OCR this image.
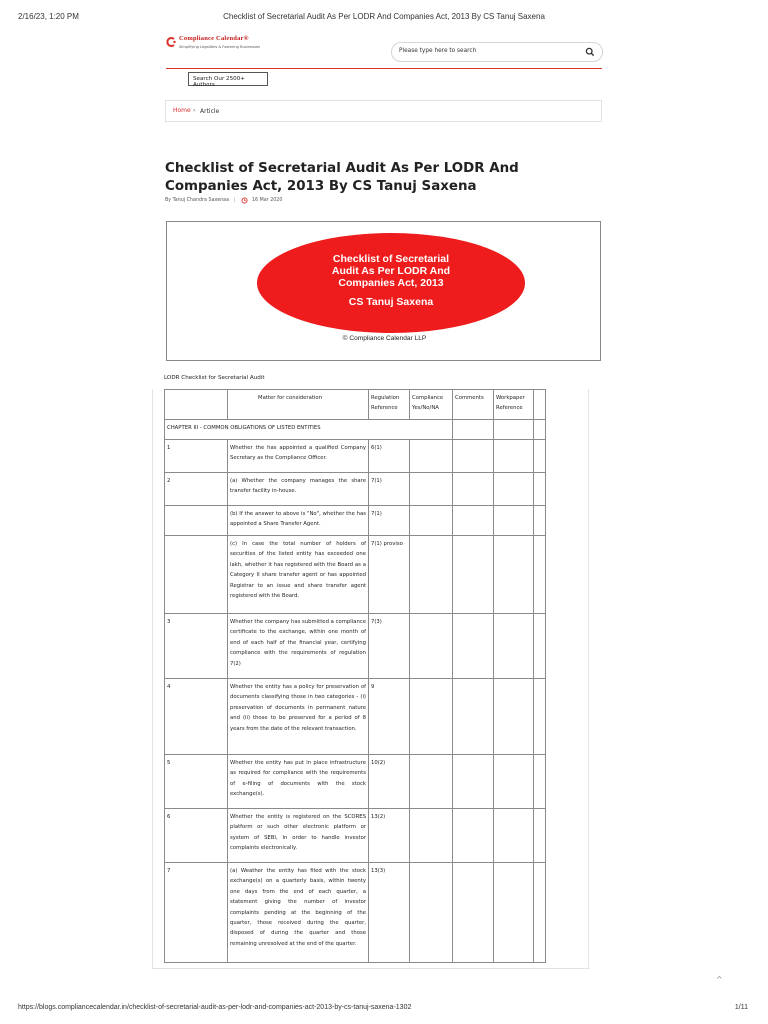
2/16/23, 1:20 PM	Checklist of Secretarial Audit As Per LODR And Companies Act, 2013 By CS Tanuj Saxena
Compliance Calendar®
Simplifying Legalities & Fostering Businesses
Please type here to search
Search Our 2500+ Authors
Home › Article
Checklist of Secretarial Audit As Per LODR And Companies Act, 2013 By CS Tanuj Saxena
By Tanuj Chandra Saxenaa |	16 Mar 2020
Checklist of Secretarial
Audit As Per LODR And
Companies Act, 2013
CS Tanuj Saxena
© Compliance Calendar LLP
LODR Checklist for Secretarial Audit
	Matter for consideration	Regulation Reference	Compliance Yes/No/NA	Comments	Workpaper Reference	
CHAPTER III - COMMON OBLIGATIONS OF LISTED ENTITIES						
1	Whether the has appointed a qualified Company Secretary as the Compliance Officer.	6(1)				
2	(a) Whether the company manages the share transfer facility in-house.	7(1)				
	(b) If the answer to above is "No", whether the has appointed a Share Transfer Agent.	7(1)				
	(c) In case the total number of holders of securities of the listed entity has exceeded one lakh, whether it has registered with the Board as a Category II share transfer agent or has appointed Registrar to an issue and share transfer agent registered with the Board.	7(1) proviso				
3	Whether the company has submitted a compliance certificate to the exchange, within one month of end of each half of the financial year, certifying compliance with the requirements of regulation 7(2)	7(3)				
4	Whether the entity has a policy for preservation of documents classifying those in two categories - (i) preservation of documents in permanent nature and (ii) those to be preserved for a period of 8 years from the date of the relevant transaction.	9				
5	Whether the entity has put in place infrastructure as required for compliance with the requirements of e-filing of documents with the stock exchange(s).	10(2)				
6	Whether the entity is registered on the SCORES platform or such other electronic platform or system of SEBI, in order to handle investor complaints electronically.	13(2)				
7	(a) Weather the entity has filed with the stock exchange(s) on a quarterly basis, within twenty one days from the end of each quarter, a statement giving the number of investor complaints pending at the beginning of the quarter, those received during the quarter, disposed of during the quarter and those remaining unresolved at the end of the quarter.	13(3)				
^
https://blogs.compliancecalendar.in/checklist-of-secretarial-audit-as-per-lodr-and-companies-act-2013-by-cs-tanuj-saxena-1302	1/11
